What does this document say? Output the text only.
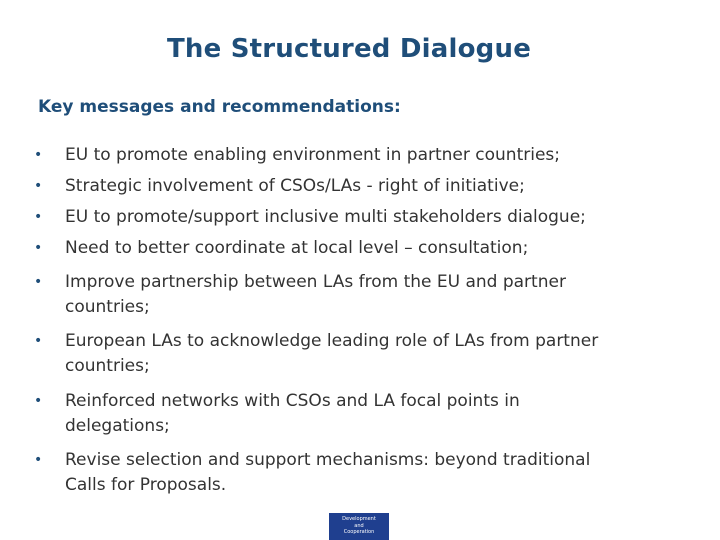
The Structured Dialogue
Key messages and recommendations:
•	EU to promote enabling environment in partner countries;
•	Strategic involvement of CSOs/LAs - right of initiative;
•	EU to promote/support inclusive multi stakeholders dialogue;
•	Need to better coordinate at local level – consultation;
•	Improve partnership between LAs from the EU and partner
countries;
•	European LAs to acknowledge leading role of LAs from partner
countries;
•	Reinforced networks with CSOs and LA focal points in
delegations;
•	Revise selection and support mechanisms: beyond traditional
Calls for Proposals.
Development
and
Cooperation
